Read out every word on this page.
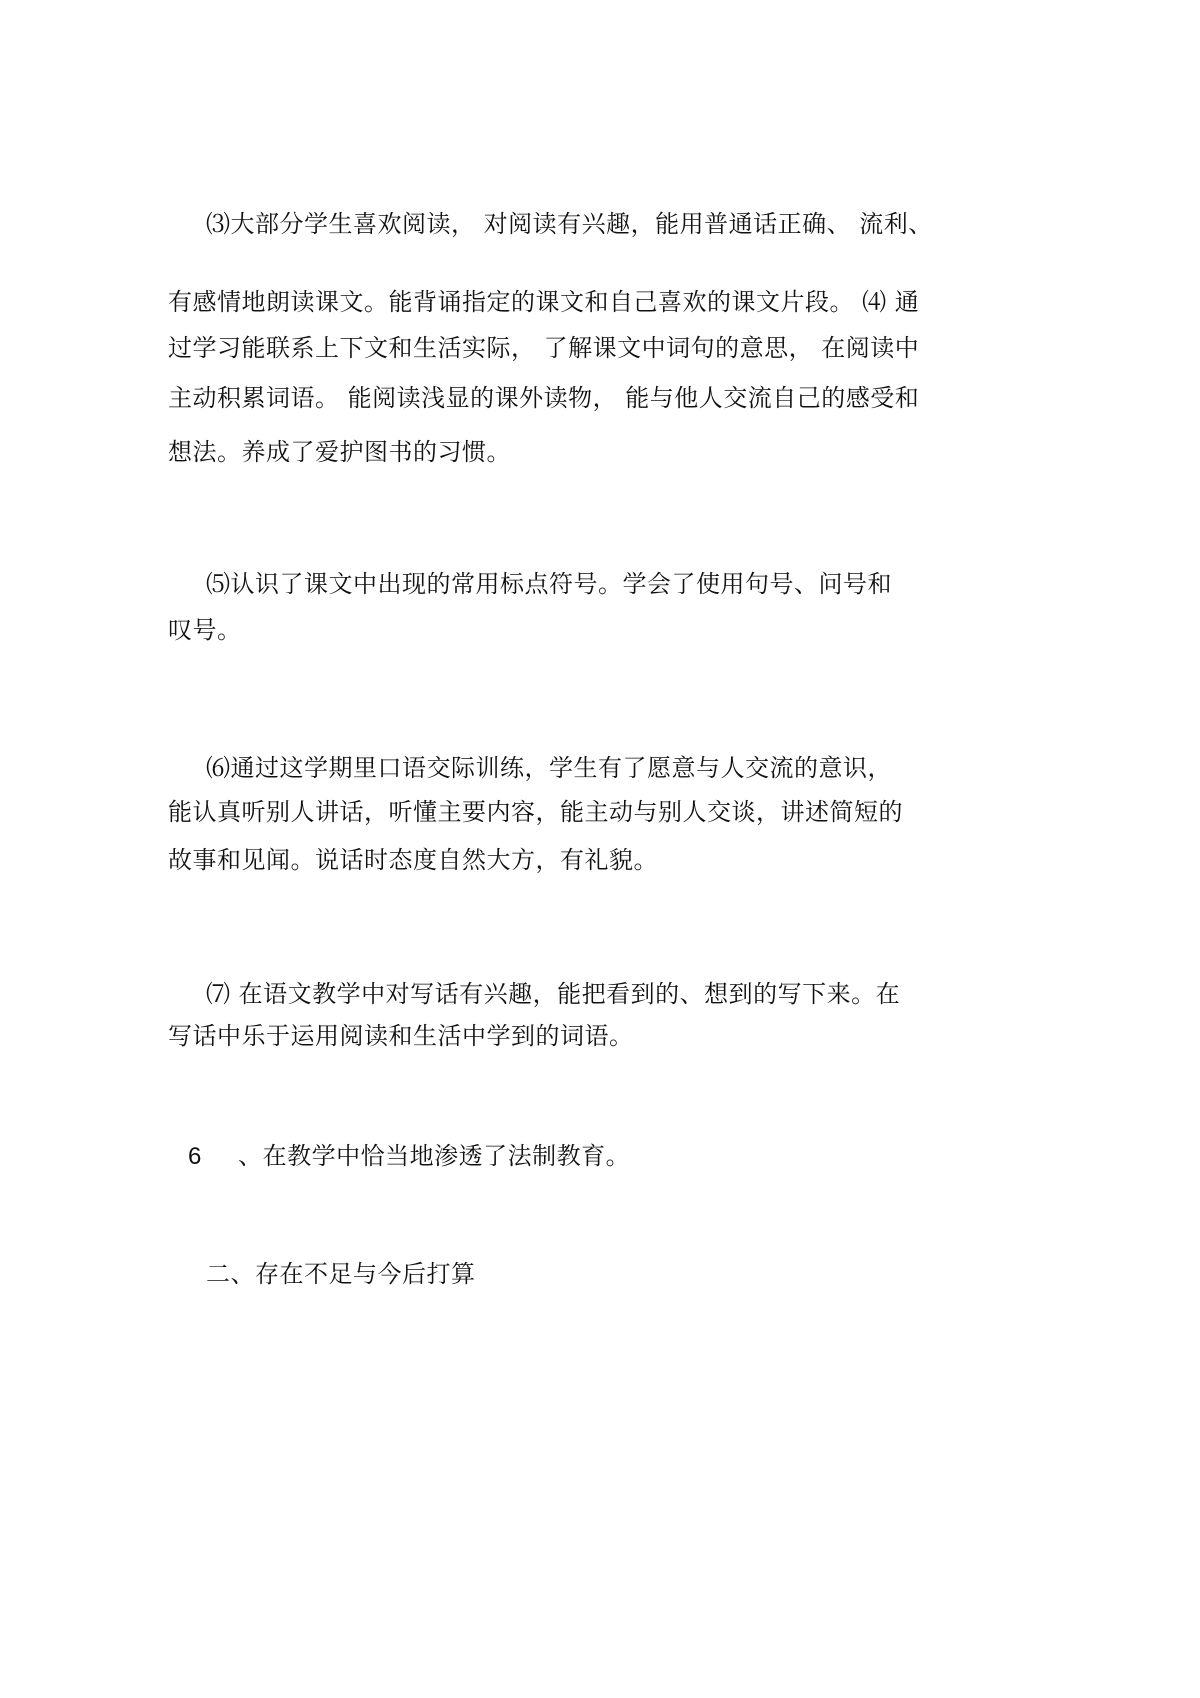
⑶大部分学生喜欢阅读， 对阅读有兴趣，能用普通话正确、 流利、
有感情地朗读课文。能背诵指定的课文和自己喜欢的课文片段。 ⑷ 通
过学习能联系上下文和生活实际， 了解课文中词句的意思， 在阅读中
主动积累词语。 能阅读浅显的课外读物， 能与他人交流自己的感受和
想法。养成了爱护图书的习惯。
⑸认识了课文中出现的常用标点符号。学会了使用句号、问号和
叹号。
⑹通过这学期里口语交际训练，学生有了愿意与人交流的意识，
能认真听别人讲话，听懂主要内容，能主动与别人交谈，讲述简短的
故事和见闻。说话时态度自然大方，有礼貌。
⑺ 在语文教学中对写话有兴趣，能把看到的、想到的写下来。在
写话中乐于运用阅读和生活中学到的词语。
6 、在教学中恰当地渗透了法制教育。
二、存在不足与今后打算
